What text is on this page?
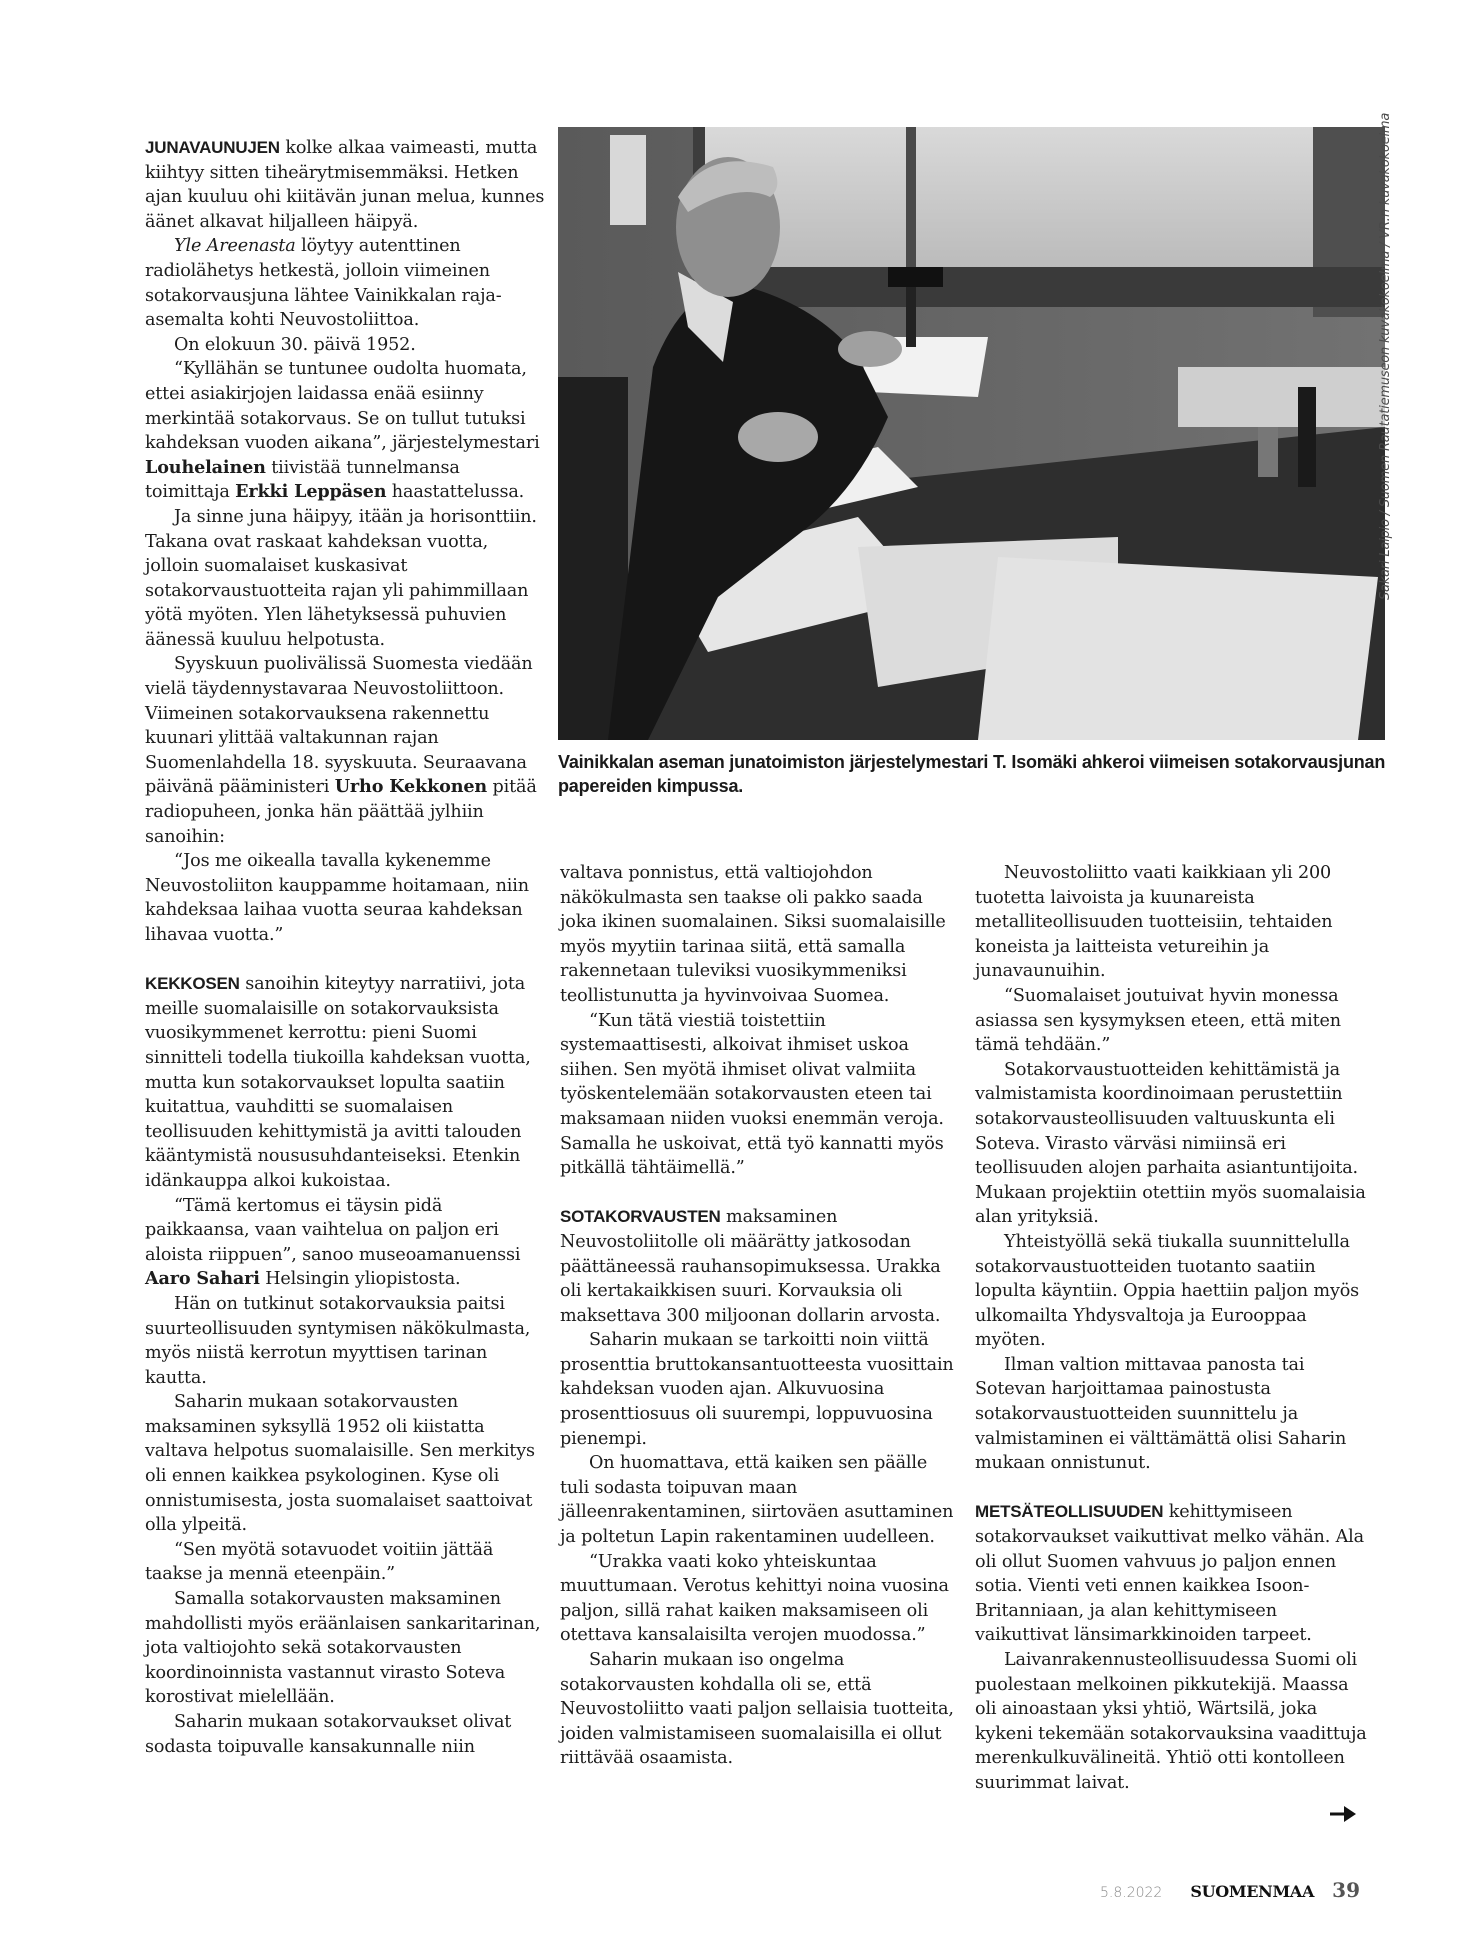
Sakari Laipio / Suomen Rautatiemuseon kuvakokoelma / VR:n kuvakokoelma
Vainikkalan aseman junatoimiston järjestelymestari T. Isomäki ahkeroi viimeisen sotakorvausjunan papereiden kimpussa.

JUNAVAUNUJEN kolke alkaa vaimeasti, mutta kiihtyy sitten tiheärytmisemmäksi. Hetken ajan kuuluu ohi kiitävän junan melua, kunnes äänet alkavat hiljalleen häipyä.

Yle Areenasta löytyy autenttinen radiolähetys hetkestä, jolloin viimeinen sotakorvausjuna lähtee Vainikkalan raja-asemalta kohti Neuvostoliittoa.

On elokuun 30. päivä 1952.

“Kyllähän se tuntunee oudolta huomata, ettei asiakirjojen laidassa enää esiinny merkintää sotakorvaus. Se on tullut tutuksi kahdeksan vuoden aikana”, järjestelymestari Louhelainen tiivistää tunnelmansa toimittaja Erkki Leppäsen haastattelussa.

Ja sinne juna häipyy, itään ja horisonttiin. Takana ovat raskaat kahdeksan vuotta, jolloin suomalaiset kuskasivat sotakorvaustuotteita rajan yli pahimmillaan yötä myöten. Ylen lähetyksessä puhuvien äänessä kuuluu helpotusta.

Syyskuun puolivälissä Suomesta viedään vielä täydennystavaraa Neuvostoliittoon. Viimeinen sotakorvauksena rakennettu kuunari ylittää valtakunnan rajan Suomenlahdella 18. syyskuuta. Seuraavana päivänä pääministeri Urho Kekkonen pitää radiopuheen, jonka hän päättää jylhiin sanoihin:

“Jos me oikealla tavalla kykenemme Neuvostoliiton kauppamme hoitamaan, niin kahdeksaa laihaa vuotta seuraa kahdeksan lihavaa vuotta.”

KEKKOSEN sanoihin kiteytyy narratiivi, jota meille suomalaisille on sotakorvauksista vuosikymmenet kerrottu: pieni Suomi sinnitteli todella tiukoilla kahdeksan vuotta, mutta kun sotakorvaukset lopulta saatiin kuitattua, vauhditti se suomalaisen teollisuuden kehittymistä ja avitti talouden kääntymistä noususuhdanteiseksi. Etenkin idänkauppa alkoi kukoistaa.

“Tämä kertomus ei täysin pidä paikkaansa, vaan vaihtelua on paljon eri aloista riippuen”, sanoo museoamanuenssi Aaro Sahari Helsingin yliopistosta.

Hän on tutkinut sotakorvauksia paitsi suurteollisuuden syntymisen näkökulmasta, myös niistä kerrotun myyttisen tarinan kautta.

Saharin mukaan sotakorvausten maksaminen syksyllä 1952 oli kiistatta valtava helpotus suomalaisille. Sen merkitys oli ennen kaikkea psykologinen. Kyse oli onnistumisesta, josta suomalaiset saattoivat olla ylpeitä.

“Sen myötä sotavuodet voitiin jättää taakse ja mennä eteenpäin.”

Samalla sotakorvausten maksaminen mahdollisti myös eräänlaisen sankaritarinan, jota valtiojohto sekä sotakorvausten koordinoinnista vastannut virasto Soteva korostivat mielellään.

Saharin mukaan sotakorvaukset olivat sodasta toipuvalle kansakunnalle niin

valtava ponnistus, että valtiojohdon näkökulmasta sen taakse oli pakko saada joka ikinen suomalainen. Siksi suomalaisille myös myytiin tarinaa siitä, että samalla rakennetaan tuleviksi vuosikymmeniksi teollistunutta ja hyvinvoivaa Suomea.

“Kun tätä viestiä toistettiin systemaattisesti, alkoivat ihmiset uskoa siihen. Sen myötä ihmiset olivat valmiita työskentelemään sotakorvausten eteen tai maksamaan niiden vuoksi enemmän veroja. Samalla he uskoivat, että työ kannatti myös pitkällä tähtäimellä.”

SOTAKORVAUSTEN maksaminen Neuvostoliitolle oli määrätty jatkosodan päättäneessä rauhansopimuksessa. Urakka oli kertakaikkisen suuri. Korvauksia oli maksettava 300 miljoonan dollarin arvosta.

Saharin mukaan se tarkoitti noin viittä prosenttia bruttokansantuotteesta vuosittain kahdeksan vuoden ajan. Alkuvuosina prosenttiosuus oli suurempi, loppuvuosina pienempi.

On huomattava, että kaiken sen päälle tuli sodasta toipuvan maan jälleenrakentaminen, siirtoväen asuttaminen ja poltetun Lapin rakentaminen uudelleen.

“Urakka vaati koko yhteiskuntaa muuttumaan. Verotus kehittyi noina vuosina paljon, sillä rahat kaiken maksamiseen oli otettava kansalaisilta verojen muodossa.”

Saharin mukaan iso ongelma sotakorvausten kohdalla oli se, että Neuvostoliitto vaati paljon sellaisia tuotteita, joiden valmistamiseen suomalaisilla ei ollut riittävää osaamista.

Neuvostoliitto vaati kaikkiaan yli 200 tuotetta laivoista ja kuunareista metalliteollisuuden tuotteisiin, tehtaiden koneista ja laitteista vetureihin ja junavaunuihin.

“Suomalaiset joutuivat hyvin monessa asiassa sen kysymyksen eteen, että miten tämä tehdään.”

Sotakorvaustuotteiden kehittämistä ja valmistamista koordinoimaan perustettiin sotakorvausteollisuuden valtuuskunta eli Soteva. Virasto värväsi nimiinsä eri teollisuuden alojen parhaita asiantuntijoita. Mukaan projektiin otettiin myös suomalaisia alan yrityksiä.

Yhteistyöllä sekä tiukalla suunnittelulla sotakorvaustuotteiden tuotanto saatiin lopulta käyntiin. Oppia haettiin paljon myös ulkomailta Yhdysvaltoja ja Eurooppaa myöten.

Ilman valtion mittavaa panosta tai Sotevan harjoittamaa painostusta sotakorvaustuotteiden suunnittelu ja valmistaminen ei välttämättä olisi Saharin mukaan onnistunut.

METSÄTEOLLISUUDEN kehittymiseen sotakorvaukset vaikuttivat melko vähän. Ala oli ollut Suomen vahvuus jo paljon ennen sotia. Vienti veti ennen kaikkea Isoon-Britanniaan, ja alan kehittymiseen vaikuttivat länsimarkkinoiden tarpeet.

Laivanrakennusteollisuudessa Suomi oli puolestaan melkoinen pikkutekijä. Maassa oli ainoastaan yksi yhtiö, Wärtsilä, joka kykeni tekemään sotakorvauksina vaadittuja merenkulkuvälineitä. Yhtiö otti kontolleen suurimmat laivat.

5.8.2022 SUOMENMAA 39
